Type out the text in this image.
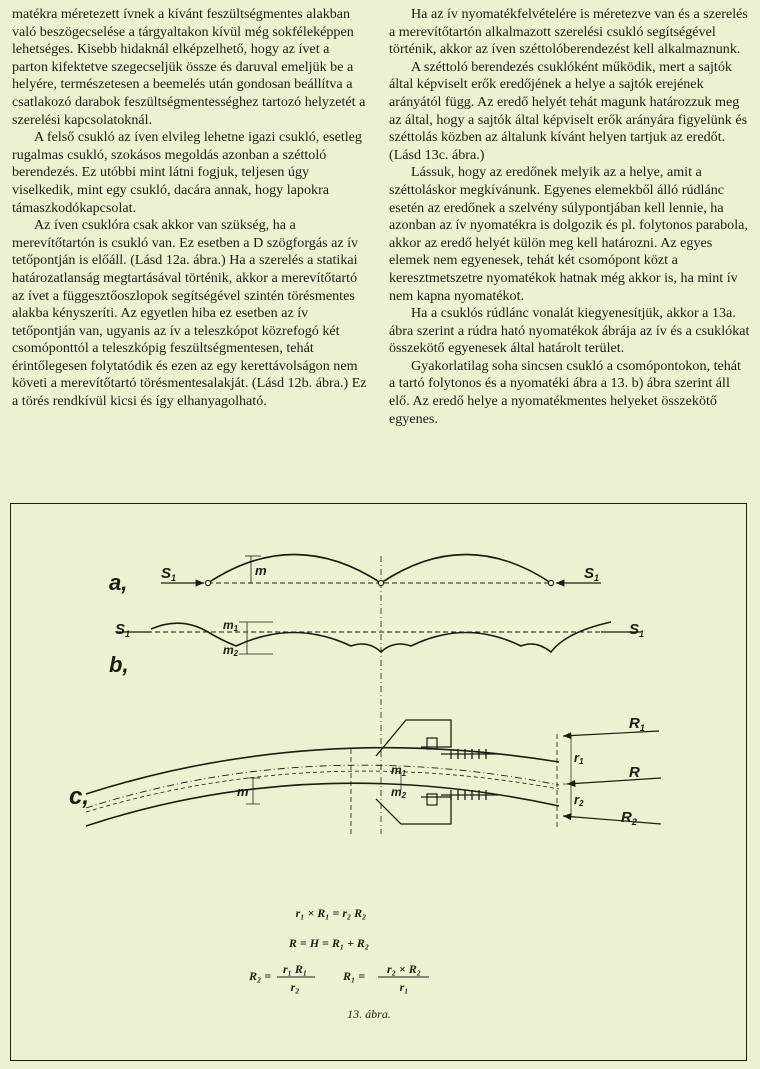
matékra méretezett ívnek a kívánt feszültségmentes alakban való beszögecselése a tárgyaltakon kívül még sokféleképpen lehetséges. Kisebb hidaknál elképzelhető, hogy az ívet a parton kifektetve szegecseljük össze és daruval emeljük be a helyére, természetesen a beemelés után gondosan beállítva a csatlakozó darabok feszültségmentességhez tartozó helyzetét a szerelési kapcsolatoknál.

A felső csukló az íven elvileg lehetne igazi csukló, esetleg rugalmas csukló, szokásos megoldás azonban a széttoló berendezés. Ez utóbbi mint látni fogjuk, teljesen úgy viselkedik, mint egy csukló, dacára annak, hogy lapokra támaszkodókapcsolat.

Az íven csuklóra csak akkor van szükség, ha a merevítőtartón is csukló van. Ez esetben a D szögforgás az ív tetőpontján is előáll. (Lásd 12a. ábra.) Ha a szerelés a statikai határozatlanság megtartásával történik, akkor a merevítőtartó az ívet a függesztőoszlopok segítségével szintén törésmentes alakba kényszeríti. Az egyetlen hiba ez esetben az ív tetőpontján van, ugyanis az ív a teleszkópot közrefogó két csomóponttól a teleszkópig feszültségmentesen, tehát érintőlegesen folytatódik és ezen az egy kerettávolságon nem követi a merevítőtartó törésmentesalakját. (Lásd 12b. ábra.) Ez a törés rendkívül kicsi és így elhanyagolható.

Ha az ív nyomatékfelvételére is méretezve van és a szerelés a merevítőtartón alkalmazott szerelési csukló segítségével történik, akkor az íven széttolóberendezést kell alkalmaznunk.

A széttoló berendezés csuklóként működik, mert a sajtók által képviselt erők eredőjének a helye a sajtók erejének arányától függ. Az eredő helyét tehát magunk határozzuk meg az által, hogy a sajtók által képviselt erők arányára figyelünk és széttolás közben az általunk kívánt helyen tartjuk az eredőt. (Lásd 13c. ábra.)

Lássuk, hogy az eredőnek melyik az a helye, amit a széttoláskor megkívánunk. Egyenes elemekből álló rúdlánc esetén az eredőnek a szelvény súlypontjában kell lennie, ha azonban az ív nyomatékra is dolgozik és pl. folytonos parabola, akkor az eredő helyét külön meg kell határozni. Az egyes elemek nem egyenesek, tehát két csomópont közt a keresztmetszetre nyomatékok hatnak még akkor is, ha mint ív nem kapna nyomatékot.

Ha a csuklós rúdlánc vonalát kiegyenesítjük, akkor a 13a. ábra szerint a rúdra ható nyomatékok ábrája az ív és a csuklókat összekötő egyenesek által határolt terület.

Gyakorlatilag soha sincsen csukló a csomópontokon, tehát a tartó folytonos és a nyomatéki ábra a 13. b) ábra szerint áll elő. Az eredő helye a nyomatékmentes helyeket összekötő egyenes.

a, $S_1$	$S_1$
m
b,
$S_1$	$S_1$
m1
m2
c,
$R_1$
R
$R_2$
r1
r2
m
m1
m2
r₁ × R₁ = r₂ R₂
R = H = R₁ + R₂
R₂ = r₁ R₁
r₂
R₁ = r₂ × R₂
r₁
13. ábra.
